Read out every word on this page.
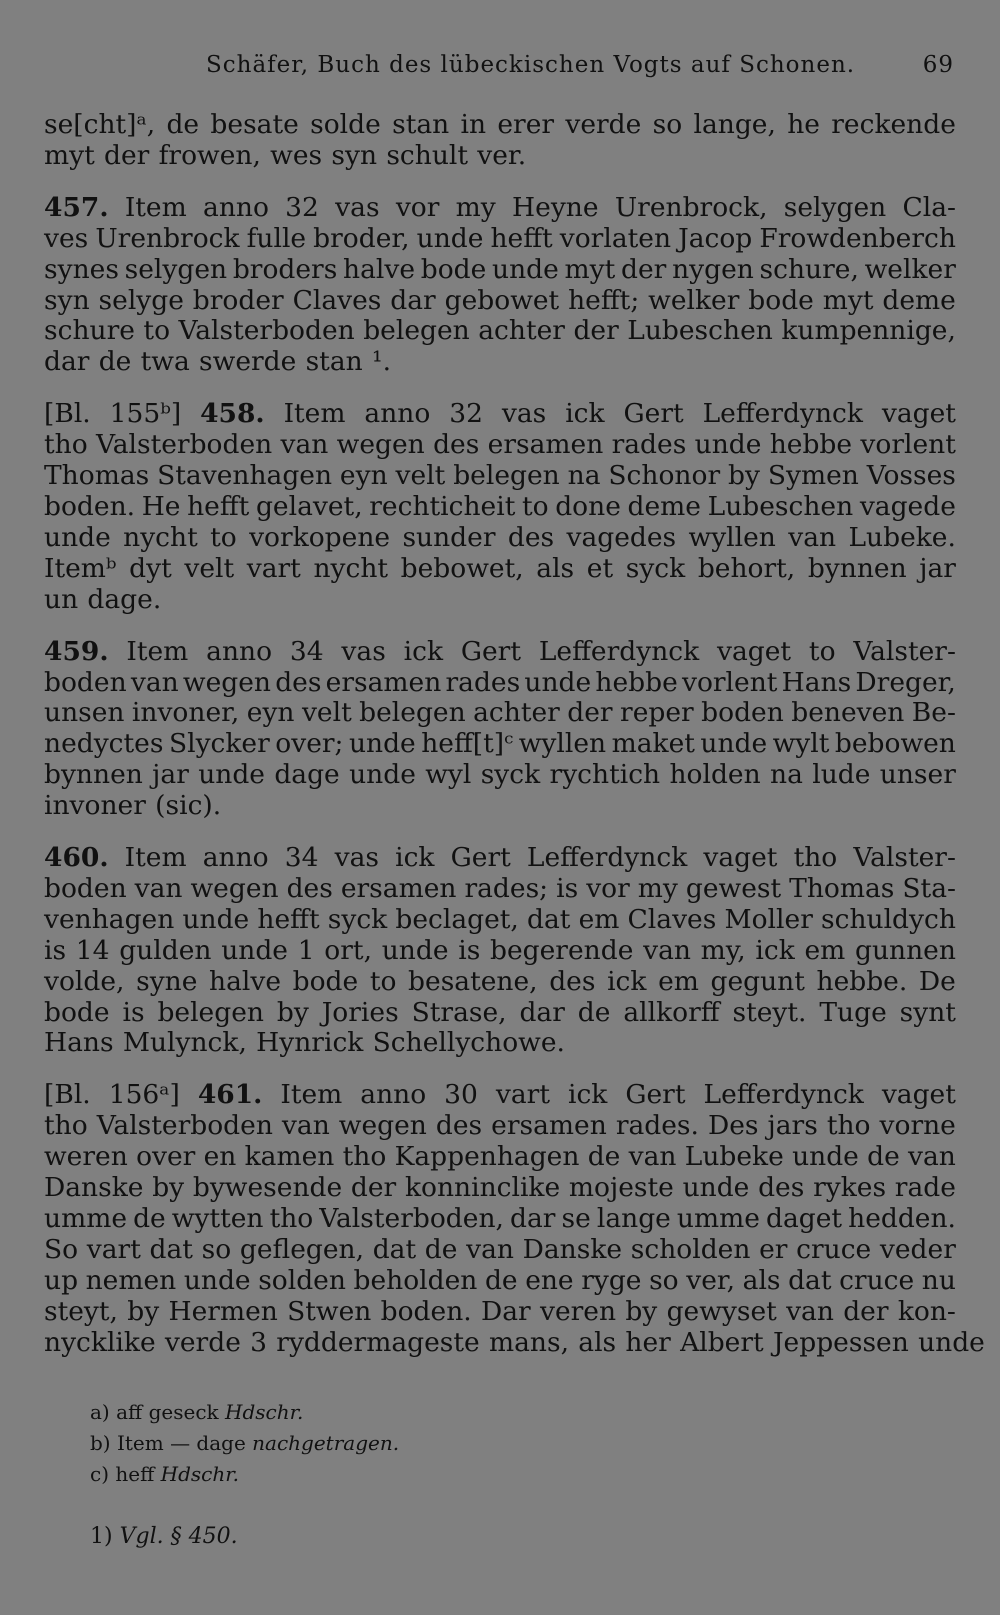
Schäfer, Buch des lübeckischen Vogts auf Schonen.	69
se[cht]ᵃ, de besate solde stan in erer verde so lange, he reckende
myt der frowen, wes syn schult ver.
457. Item anno 32 vas vor my Heyne Urenbrock, selygen Cla-
ves Urenbrock fulle broder, unde hefft vorlaten Jacop Frowdenberch
synes selygen broders halve bode unde myt der nygen schure, welker
syn selyge broder Claves dar gebowet hefft; welker bode myt deme
schure to Valsterboden belegen achter der Lubeschen kumpennige,
dar de twa swerde stan ¹.
[Bl. 155ᵇ] 458. Item anno 32 vas ick Gert Lefferdynck vaget
tho Valsterboden van wegen des ersamen rades unde hebbe vorlent
Thomas Stavenhagen eyn velt belegen na Schonor by Symen Vosses
boden. He hefft gelavet, rechticheit to done deme Lubeschen vagede
unde nycht to vorkopene sunder des vagedes wyllen van Lubeke.
Itemᵇ dyt velt vart nycht bebowet, als et syck behort, bynnen jar
un dage.
459. Item anno 34 vas ick Gert Lefferdynck vaget to Valster-
boden van wegen des ersamen rades unde hebbe vorlent Hans Dreger,
unsen invoner, eyn velt belegen achter der reper boden beneven Be-
nedyctes Slycker over; unde heff[t]ᶜ wyllen maket unde wylt bebowen
bynnen jar unde dage unde wyl syck rychtich holden na lude unser
invoner (sic).
460. Item anno 34 vas ick Gert Lefferdynck vaget tho Valster-
boden van wegen des ersamen rades; is vor my gewest Thomas Sta-
venhagen unde hefft syck beclaget, dat em Claves Moller schuldych
is 14 gulden unde 1 ort, unde is begerende van my, ick em gunnen
volde, syne halve bode to besatene, des ick em gegunt hebbe. De
bode is belegen by Jories Strase, dar de allkorff steyt. Tuge synt
Hans Mulynck, Hynrick Schellychowe.
[Bl. 156ᵃ] 461. Item anno 30 vart ick Gert Lefferdynck vaget
tho Valsterboden van wegen des ersamen rades. Des jars tho vorne
weren over en kamen tho Kappenhagen de van Lubeke unde de van
Danske by bywesende der konninclike mojeste unde des rykes rade
umme de wytten tho Valsterboden, dar se lange umme daget hedden.
So vart dat so geflegen, dat de van Danske scholden er cruce veder
up nemen unde solden beholden de ene ryge so ver, als dat cruce nu
steyt, by Hermen Stwen boden. Dar veren by gewyset van der kon-
nycklike verde 3 ryddermageste mans, als her Albert Jeppessen unde
a) aff geseck Hdschr.
b) Item — dage nachgetragen.
c) heff Hdschr.
1) Vgl. § 450.
